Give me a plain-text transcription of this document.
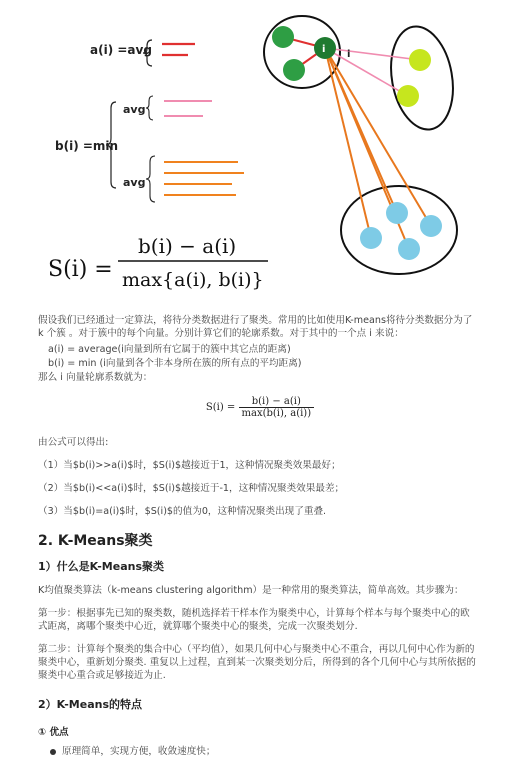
a(i) =avg
b(i) =min
avg
avg
i
i
S(i) =
b(i) − a(i)
max{a(i), b(i)}
假设我们已经通过一定算法，将待分类数据进行了聚类。常用的比如使用K-means将待分类数据分为了 k 个簇 。对于簇中的每个向量。分别计算它们的轮廓系数。对于其中的一个点 i 来说：
a(i) = average(i向量到所有它属于的簇中其它点的距离)
b(i) = min (i向量到各个非本身所在簇的所有点的平均距离)
那么 i 向量轮廓系数就为：
$S(i) = \frac{b(i) - a(i)}{\max(b(i), a(i))}$
由公式可以得出:
（1）当$b(i)>>a(i)$时，$S(i)$越接近于1，这种情况聚类效果最好；
（2）当$b(i)<<a(i)$时，$S(i)$越接近于-1，这种情况聚类效果最差；
（3）当$b(i)=a(i)$时，$S(i)$的值为0，这种情况聚类出现了重叠.
2. K-Means聚类
1）什么是K-Means聚类
K均值聚类算法（k-means clustering algorithm）是一种常用的聚类算法，简单高效。其步骤为：
第一步：根据事先已知的聚类数，随机选择若干样本作为聚类中心，计算每个样本与每个聚类中心的欧式距离，离哪个聚类中心近，就算哪个聚类中心的聚类，完成一次聚类划分.
第二步：计算每个聚类的集合中心（平均值），如果几何中心与聚类中心不重合，再以几何中心作为新的聚类中心，重新划分聚类. 重复以上过程，直到某一次聚类划分后，所得到的各个几何中心与其所依据的聚类中心重合或足够接近为止.
2）K-Means的特点
① 优点
原理简单，实现方便，收敛速度快；
